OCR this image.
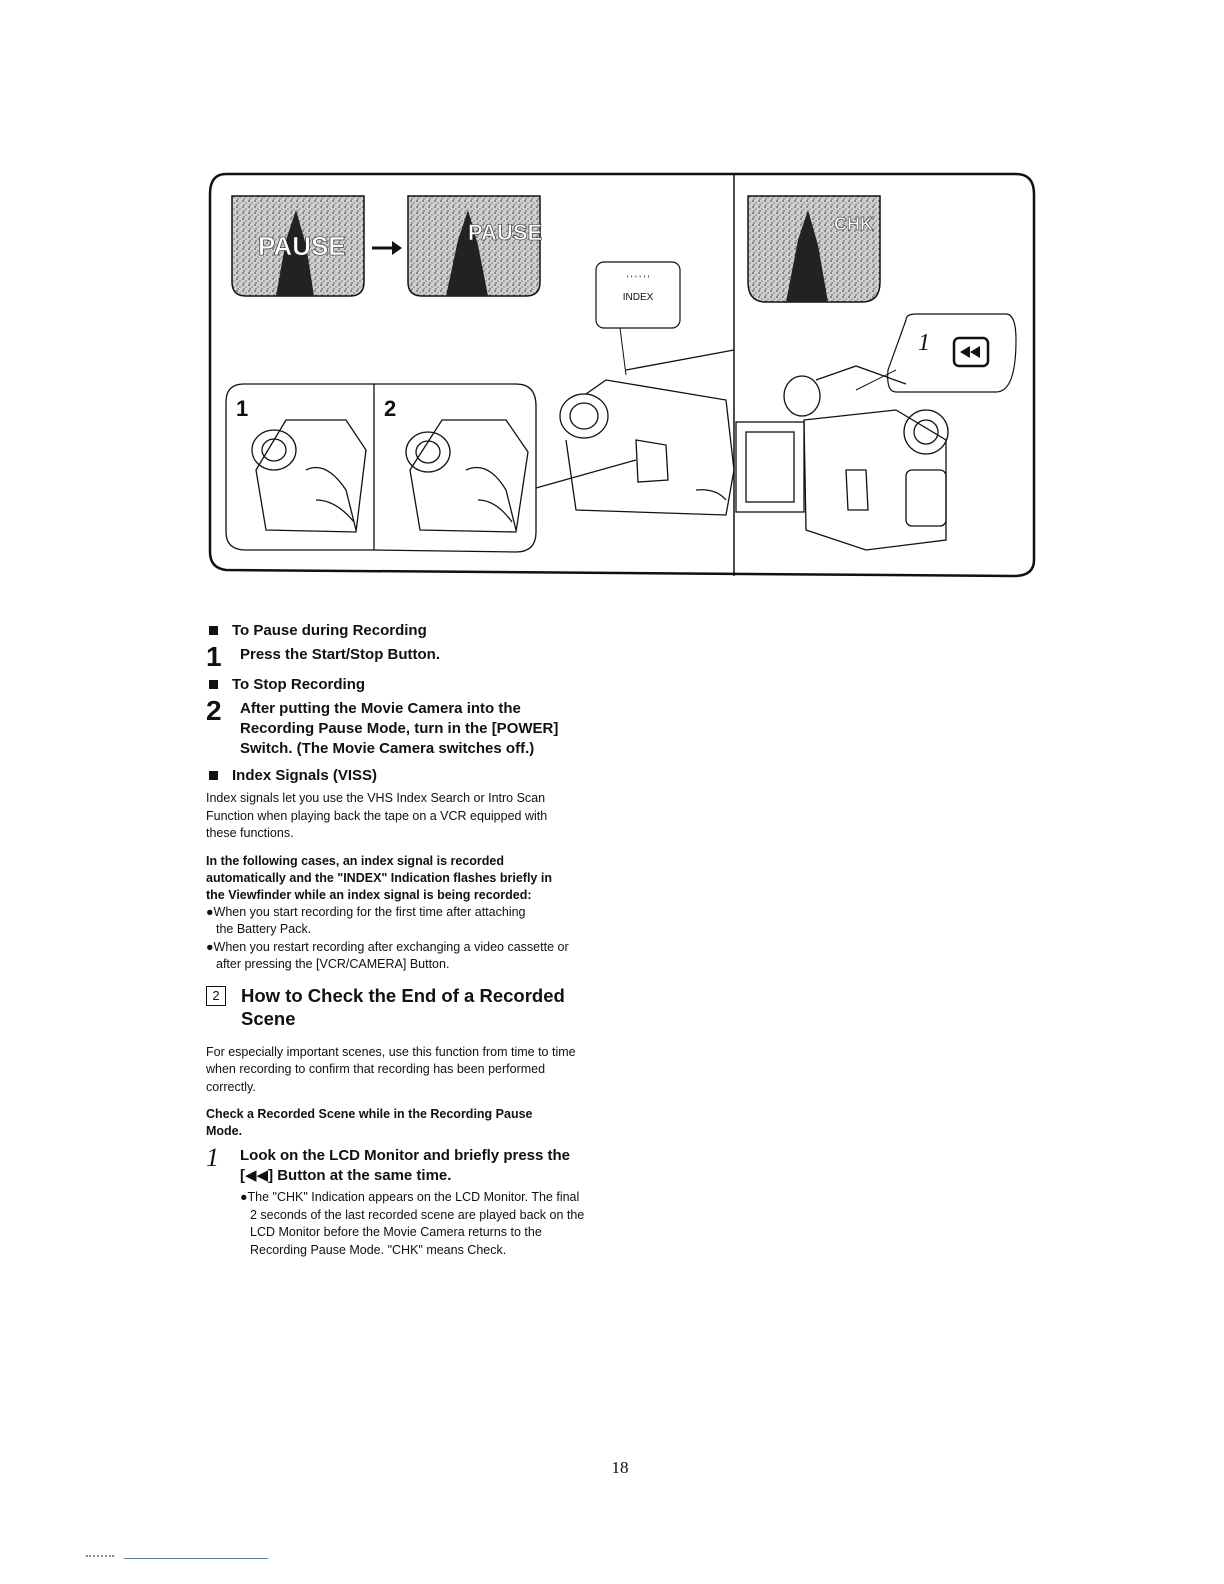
PAUSE	PAUSE
INDEX
' ' ' ' ' '
CHK
1
1	2
To Pause during Recording
1	Press the Start/Stop Button.
To Stop Recording
2	After putting the Movie Camera into the Recording Pause Mode, turn in the [POWER] Switch. (The Movie Camera switches off.)
Index Signals (VISS)

Index signals let you use the VHS Index Search or Intro Scan Function when playing back the tape on a VCR equipped with these functions.

In the following cases, an index signal is recorded automatically and the "INDEX" Indication flashes briefly in the Viewfinder while an index signal is being recorded:

●When you start recording for the first time after attaching the Battery Pack.
●When you restart recording after exchanging a video cassette or after pressing the [VCR/CAMERA] Button.
2	How to Check the End of a Recorded Scene

For especially important scenes, use this function from time to time when recording to confirm that recording has been performed correctly.

Check a Recorded Scene while in the Recording Pause Mode.

1	Look on the LCD Monitor and briefly press the [◀◀] Button at the same time.
●The "CHK" Indication appears on the LCD Monitor. The final 2 seconds of the last recorded scene are played back on the LCD Monitor before the Movie Camera returns to the Recording Pause Mode. "CHK" means Check.
18
